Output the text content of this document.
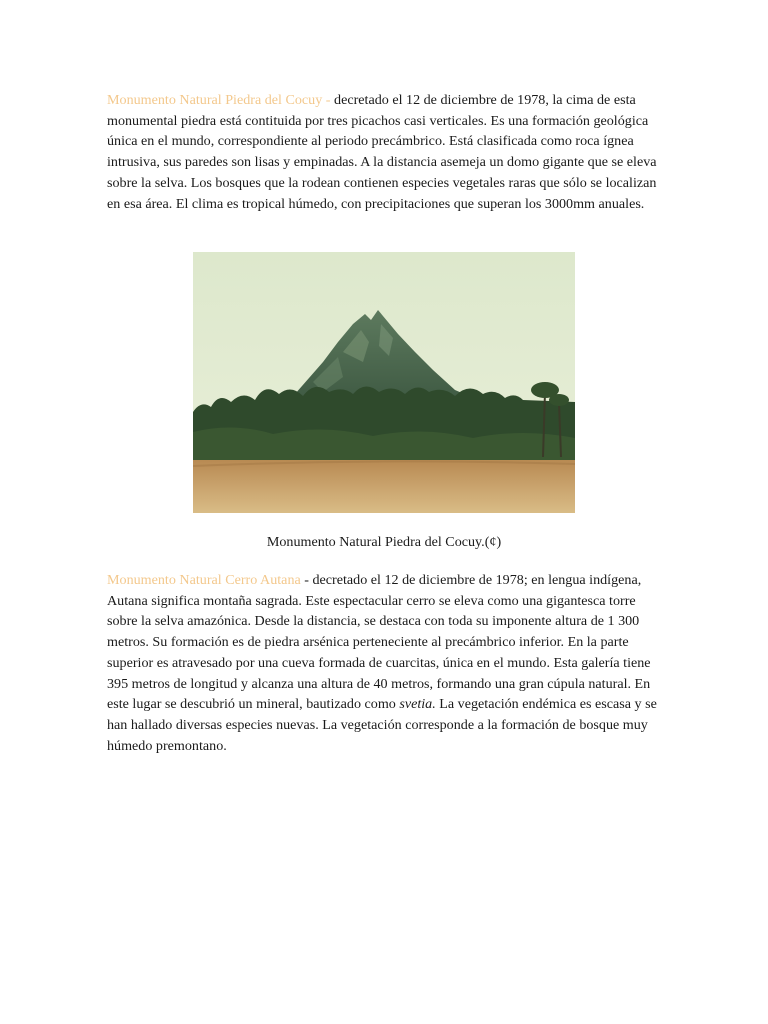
Monumento Natural Piedra del Cocuy - decretado el 12 de diciembre de 1978, la cima de esta monumental piedra está contituida por tres picachos casi verticales. Es una formación geológica única en el mundo, correspondiente al periodo precámbrico. Está clasificada como roca ígnea intrusiva, sus paredes son lisas y empinadas. A la distancia asemeja un domo gigante que se eleva sobre la selva. Los bosques que la rodean contienen especies vegetales raras que sólo se localizan en esa área. El clima es tropical húmedo, con precipitaciones que superan los 3000mm anuales.

Monumento Natural Piedra del Cocuy.(¢)

Monumento Natural Cerro Autana - decretado el 12 de diciembre de 1978; en lengua indígena, Autana significa montaña sagrada. Este espectacular cerro se eleva como una gigantesca torre sobre la selva amazónica. Desde la distancia, se destaca con toda su imponente altura de 1 300 metros. Su formación es de piedra arsénica perteneciente al precámbrico inferior. En la parte superior es atravesado por una cueva formada de cuarcitas, única en el mundo. Esta galería tiene 395 metros de longitud y alcanza una altura de 40 metros, formando una gran cúpula natural. En este lugar se descubrió un mineral, bautizado como svetia. La vegetación endémica es escasa y se han hallado diversas especies nuevas. La vegetación corresponde a la formación de bosque muy húmedo premontano.
